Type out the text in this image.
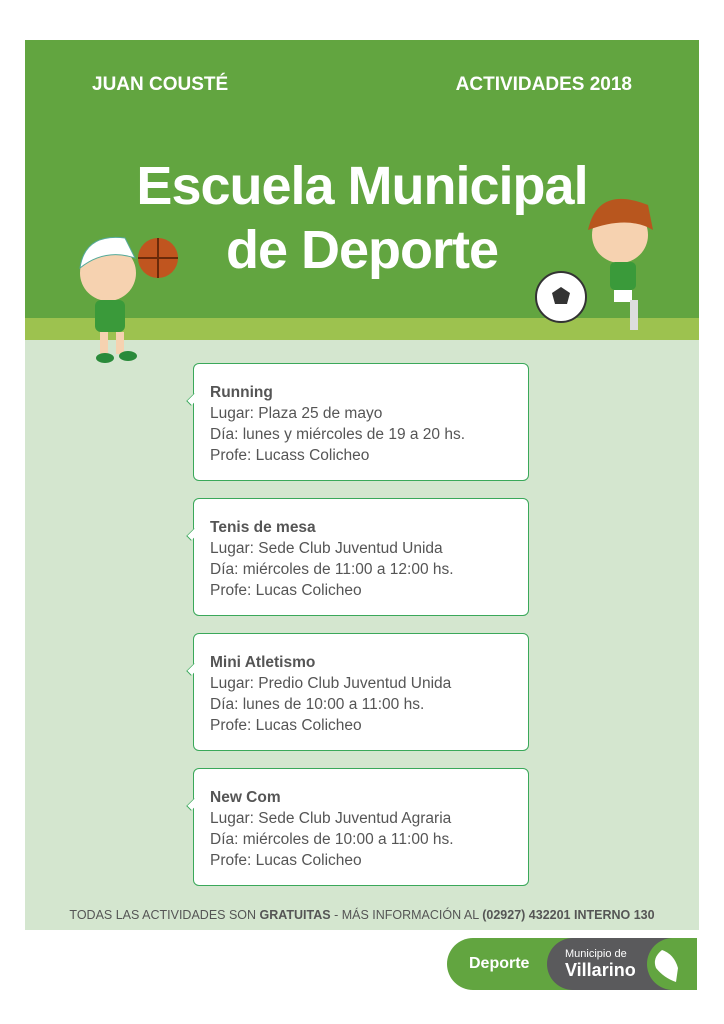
JUAN COUSTÉ	ACTIVIDADES 2018
Escuela Municipal
de Deporte
Running
Lugar: Plaza 25 de mayo
Día: lunes y miércoles de 19 a 20 hs.
Profe: Lucass Colicheo
Tenis de mesa
Lugar: Sede Club Juventud Unida
Día: miércoles de 11:00 a 12:00 hs.
Profe: Lucas Colicheo
Mini Atletismo
Lugar: Predio Club Juventud Unida
Día: lunes de 10:00 a 11:00 hs.
Profe: Lucas Colicheo
New Com
Lugar: Sede Club Juventud Agraria
Día: miércoles de 10:00 a 11:00 hs.
Profe: Lucas Colicheo
TODAS LAS ACTIVIDADES SON GRATUITAS - MÁS INFORMACIÓN AL (02927) 432201 INTERNO 130
Deporte
Municipio de
Villarino
